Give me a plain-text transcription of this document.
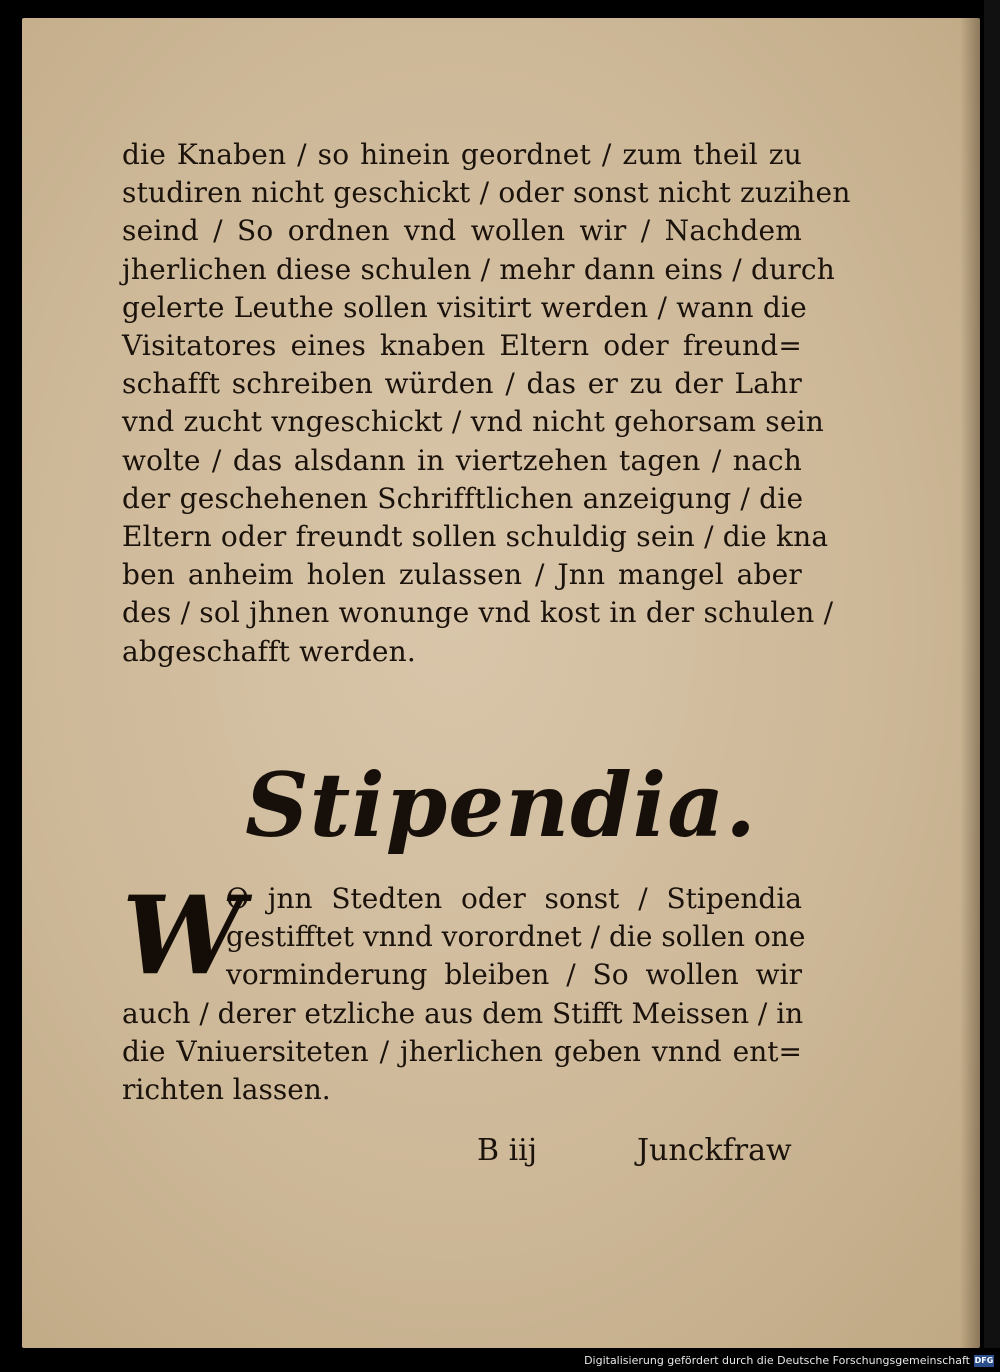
die Knaben / so hinein geordnet / zum theil zu
studiren nicht geschickt / oder sonst nicht zuzihen
seind / So ordnen vnd wollen wir / Nachdem
jherlichen diese schulen / mehr dann eins / durch
gelerte Leuthe sollen visitirt werden / wann die
Visitatores eines knaben Eltern oder freund=
schafft schreiben würden / das er zu der Lahr
vnd zucht vngeschickt / vnd nicht gehorsam sein
wolte / das alsdann in viertzehen tagen / nach
der geschehenen Schrifftlichen anzeigung / die
Eltern oder freundt sollen schuldig sein / die kna
ben anheim holen zulassen / Jnn mangel aber
des / sol jhnen wonunge vnd kost in der schulen /
abgeschafft werden.
Stipendia.
W
O jnn Stedten oder sonst / Stipendia
gestifftet vnnd vorordnet / die sollen one
vorminderung bleiben / So wollen wir
auch / derer etzliche aus dem Stifft Meissen / in
die Vniuersiteten / jherlichen geben vnnd ent=
richten lassen.
B iij	Junckfraw
Digitalisierung gefördert durch die Deutsche Forschungsgemeinschaft DFG
